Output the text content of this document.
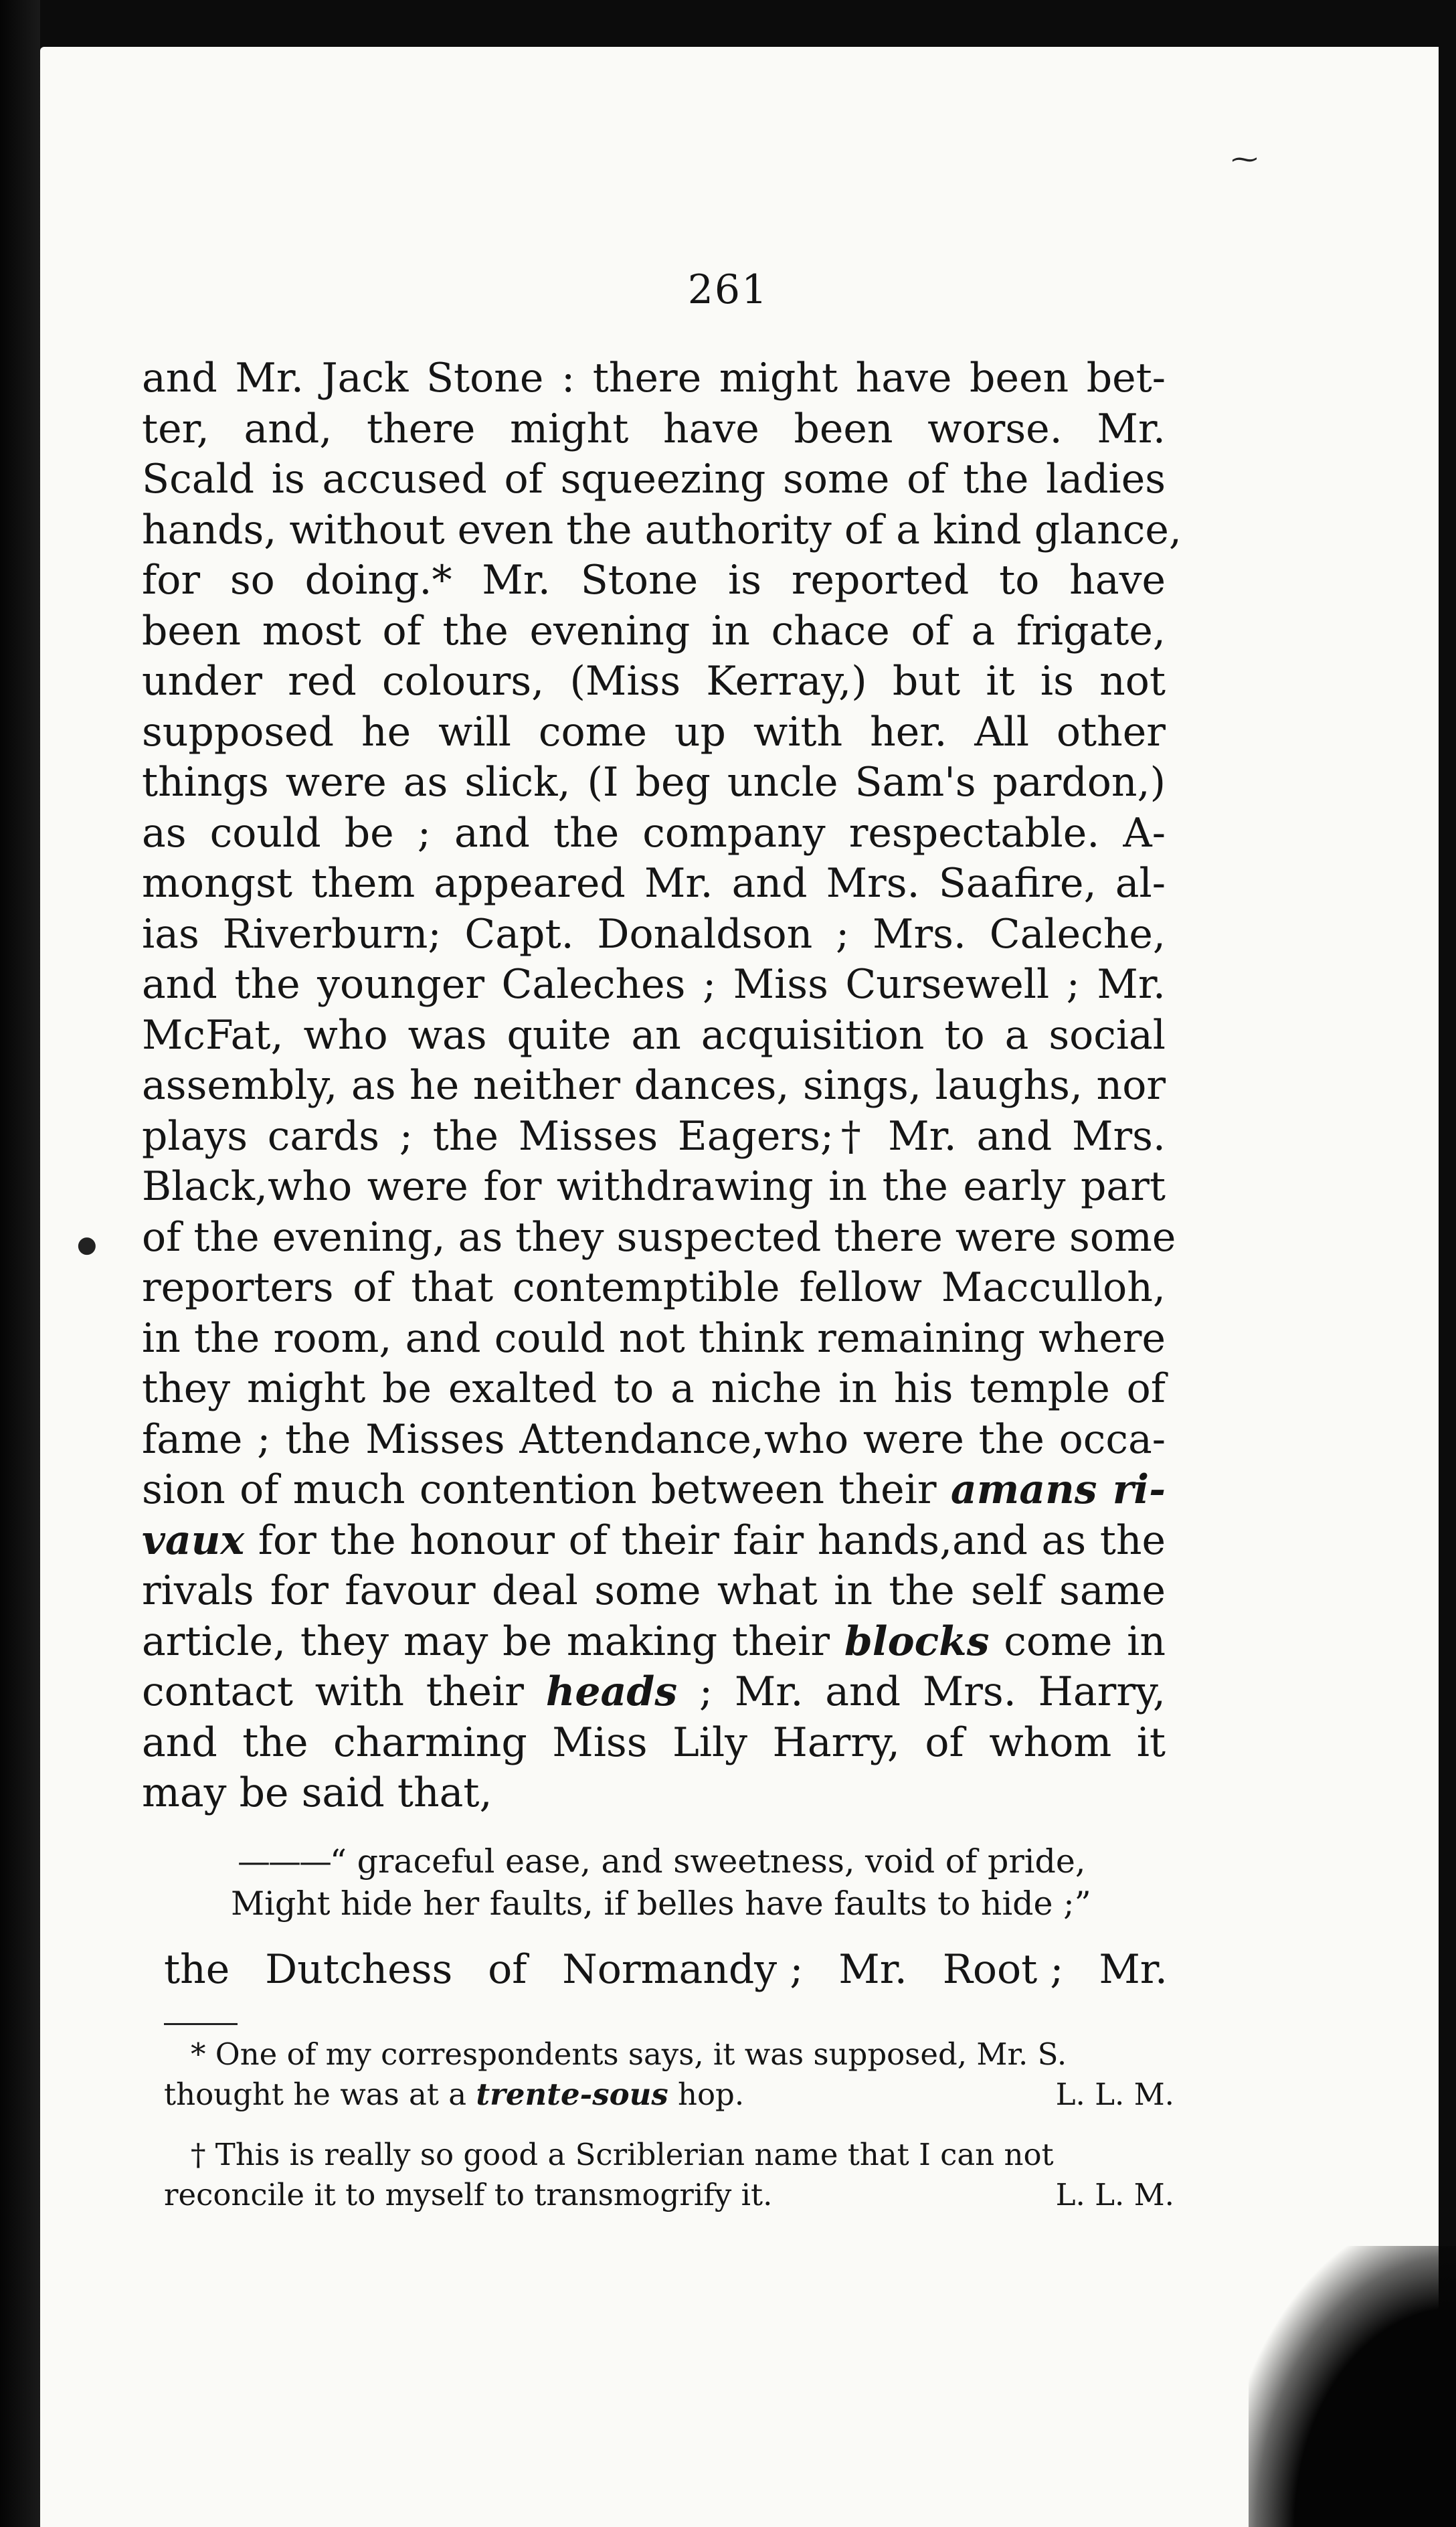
⁓
●
261
and Mr. Jack Stone : there might have been bet-
ter, and, there might have been worse. Mr.
Scald is accused of squeezing some of the ladies
hands, without even the authority of a kind glance,
for so doing.* Mr. Stone is reported to have
been most of the evening in chace of a frigate,
under red colours, (Miss Kerray,) but it is not
supposed he will come up with her. All other
things were as slick, (I beg uncle Sam's pardon,)
as could be ; and the company respectable. A-
mongst them appeared Mr. and Mrs. Saafire, al-
ias Riverburn; Capt. Donaldson ; Mrs. Caleche,
and the younger Caleches ; Miss Cursewell ; Mr.
McFat, who was quite an acquisition to a social
assembly, as he neither dances, sings, laughs, nor
plays cards ; the Misses Eagers;† Mr. and Mrs.
Black,who were for withdrawing in the early part
of the evening, as they suspected there were some
reporters of that contemptible fellow Macculloh,
in the room, and could not think remaining where
they might be exalted to a niche in his temple of
fame ; the Misses Attendance,who were the occa-
sion of much contention between their amans ri-
vaux for the honour of their fair hands,and as the
rivals for favour deal some what in the self same
article, they may be making their blocks come in
contact with their heads ; Mr. and Mrs. Harry,
and the charming Miss Lily Harry, of whom it
may be said that,
———“ graceful ease, and sweetness, void of pride,
Might hide her faults, if belles have faults to hide ;”
the Dutchess of Normandy ; Mr. Root ; Mr.
* One of my correspondents says, it was supposed, Mr. S.
thought he was at a trente-sous hop.	L. L. M.
† This is really so good a Scriblerian name that I can not
reconcile it to myself to transmogrify it.	L. L. M.
